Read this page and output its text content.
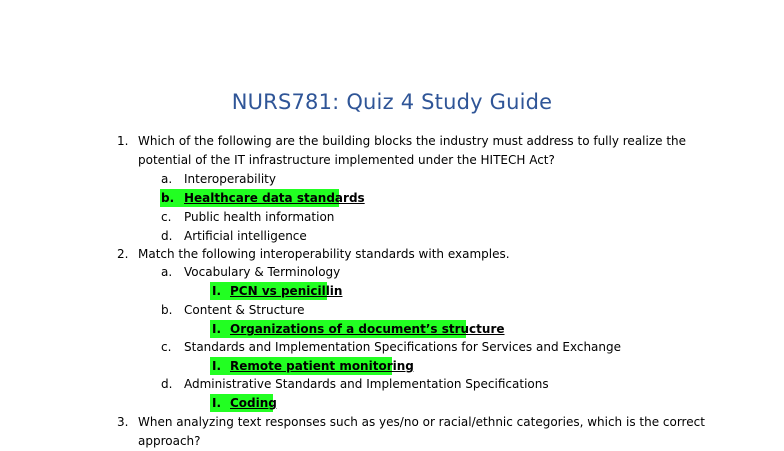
NURS781: Quiz 4 Study Guide
1. Which of the following are the building blocks the industry must address to fully realize the
potential of the IT infrastructure implemented under the HITECH Act?
a. Interoperability
b. Healthcare data standards
c. Public health information
d. Artificial intelligence
2. Match the following interoperability standards with examples.
a. Vocabulary & Terminology
I. PCN vs penicillin
b. Content & Structure
I. Organizations of a document’s structure
c. Standards and Implementation Specifications for Services and Exchange
I. Remote patient monitoring
d. Administrative Standards and Implementation Specifications
I. Coding
3. When analyzing text responses such as yes/no or racial/ethnic categories, which is the correct
approach?
